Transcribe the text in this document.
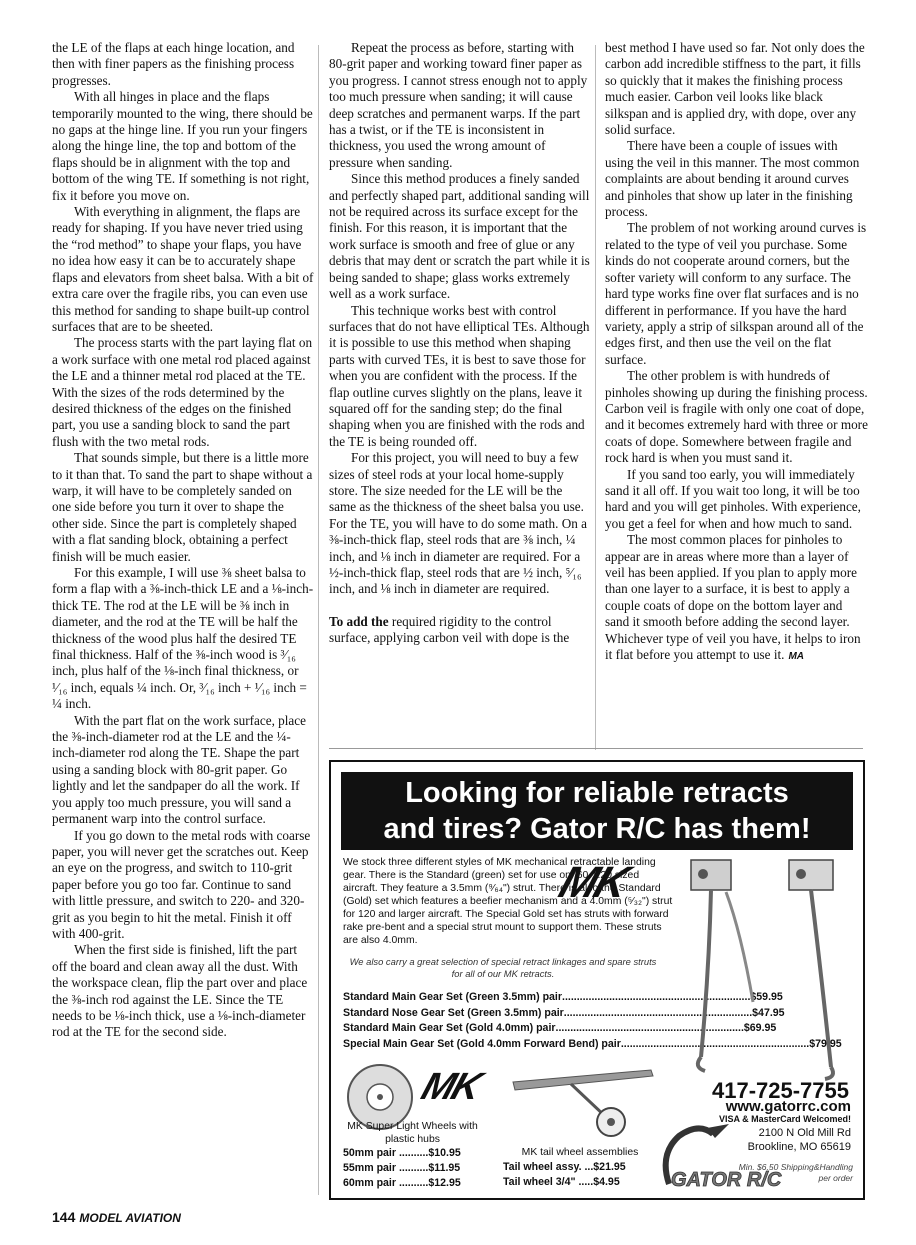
the LE of the flaps at each hinge location, and then with finer papers as the finishing process progresses.

With all hinges in place and the flaps temporarily mounted to the wing, there should be no gaps at the hinge line. If you run your fingers along the hinge line, the top and bottom of the flaps should be in alignment with the top and bottom of the wing TE. If something is not right, fix it before you move on.

With everything in alignment, the flaps are ready for shaping. If you have never tried using the “rod method” to shape your flaps, you have no idea how easy it can be to accurately shape flaps and elevators from sheet balsa. With a bit of extra care over the fragile ribs, you can even use this method for sanding to shape built-up control surfaces that are to be sheeted.

The process starts with the part laying flat on a work surface with one metal rod placed against the LE and a thinner metal rod placed at the TE. With the sizes of the rods determined by the desired thickness of the edges on the finished part, you use a sanding block to sand the part flush with the two metal rods.

That sounds simple, but there is a little more to it than that. To sand the part to shape without a warp, it will have to be completely sanded on one side before you turn it over to shape the other side. Since the part is completely shaped with a flat sanding block, obtaining a perfect finish will be much easier.

For this example, I will use ⅜ sheet balsa to form a flap with a ⅜-inch-thick LE and a ⅛-inch-thick TE. The rod at the LE will be ⅜ inch in diameter, and the rod at the TE will be half the thickness of the wood plus half the desired TE final thickness. Half of the ⅜-inch wood is ³⁄₁₆ inch, plus half of the ⅛-inch final thickness, or ¹⁄₁₆ inch, equals ¼ inch. Or, ³⁄₁₆ inch + ¹⁄₁₆ inch = ¼ inch.

With the part flat on the work surface, place the ⅜-inch-diameter rod at the LE and the ¼-inch-diameter rod along the TE. Shape the part using a sanding block with 80-grit paper. Go lightly and let the sandpaper do all the work. If you apply too much pressure, you will sand a permanent warp into the control surface.

If you go down to the metal rods with coarse paper, you will never get the scratches out. Keep an eye on the progress, and switch to 110-grit paper before you go too far. Continue to sand with little pressure, and switch to 220- and 320-grit as you begin to hit the metal. Finish it off with 400-grit.

When the first side is finished, lift the part off the board and clean away all the dust. With the workspace clean, flip the part over and place the ⅜-inch rod against the LE. Since the TE needs to be ⅛-inch thick, use a ⅛-inch-diameter rod at the TE for the second side.

Repeat the process as before, starting with 80-grit paper and working toward finer paper as you progress. I cannot stress enough not to apply too much pressure when sanding; it will cause deep scratches and permanent warps. If the part has a twist, or if the TE is inconsistent in thickness, you used the wrong amount of pressure when sanding.

Since this method produces a finely sanded and perfectly shaped part, additional sanding will not be required across its surface except for the finish. For this reason, it is important that the work surface is smooth and free of glue or any debris that may dent or scratch the part while it is being sanded to shape; glass works extremely well as a work surface.

This technique works best with control surfaces that do not have elliptical TEs. Although it is possible to use this method when shaping parts with curved TEs, it is best to save those for when you are confident with the process. If the flap outline curves slightly on the plans, leave it squared off for the sanding step; do the final shaping when you are finished with the rods and the TE is being rounded off.

For this project, you will need to buy a few sizes of steel rods at your local home-supply store. The size needed for the LE will be the same as the thickness of the sheet balsa you use. For the TE, you will have to do some math. On a ⅜-inch-thick flap, steel rods that are ⅜ inch, ¼ inch, and ⅛ inch in diameter are required. For a ½-inch-thick flap, steel rods that are ½ inch, ⁵⁄₁₆ inch, and ⅛ inch in diameter are required.

To add the required rigidity to the control surface, applying carbon veil with dope is the

best method I have used so far. Not only does the carbon add incredible stiffness to the part, it fills so quickly that it makes the finishing process much easier. Carbon veil looks like black silkspan and is applied dry, with dope, over any solid surface.

There have been a couple of issues with using the veil in this manner. The most common complaints are about bending it around curves and pinholes that show up later in the finishing process.

The problem of not working around curves is related to the type of veil you purchase. Some kinds do not cooperate around corners, but the softer variety will conform to any surface. The hard type works fine over flat surfaces and is no different in performance. If you have the hard variety, apply a strip of silkspan around all of the edges first, and then use the veil on the flat surface.

The other problem is with hundreds of pinholes showing up during the finishing process. Carbon veil is fragile with only one coat of dope, and it becomes extremely hard with three or more coats of dope. Somewhere between fragile and rock hard is when you must sand it.

If you sand too early, you will immediately sand it all off. If you wait too long, it will be too hard and you will get pinholes. With experience, you get a feel for when and how much to sand.

The most common places for pinholes to appear are in areas where more than a layer of veil has been applied. If you plan to apply more than one layer to a surface, it is best to apply a couple coats of dope on the bottom layer and sand it smooth before adding the second layer. Whichever type of veil you have, it helps to iron it flat before you attempt to use it. MA

Looking for reliable retracts
and tires? Gator R/C has them!
We stock three different styles of MK mechanical retractable landing gear. There is the Standard (green) set for use on .60-1.20 sized aircraft. They feature a 3.5mm (⁹⁄₆₄") strut. There is also the Standard (Gold) set which features a beefier mechanism and a 4.0mm (⁵⁄₃₂") strut for 120 and larger aircraft. The Special Gold set has struts with forward rake pre-bent and a special strut mount to support them. These struts are also 4.0mm.
MK
We also carry a great selection of special retract linkages and spare struts for all of our MK retracts.
Standard Main Gear Set (Green 3.5mm) pair .....	$59.95
Standard Nose Gear Set (Green 3.5mm) pair .....	$47.95
Standard Main Gear Set (Gold 4.0mm) pair .....	$69.95
Special Main Gear Set (Gold 4.0mm Forward Bend) pair .....	$79.95
MK
MK Super Light Wheels with plastic hubs
50mm pair ..........$10.95
55mm pair ..........$11.95
60mm pair ..........$12.95
MK tail wheel assemblies
Tail wheel assy. ...$21.95
Tail wheel 3/4" .....$4.95
417-725-7755
www.gatorrc.com
VISA & MasterCard Welcomed!
2100 N Old Mill Rd
Brookline, MO 65619
GATOR R/C
Min. $6.50 Shipping&Handling per order
144 MODEL AVIATION
